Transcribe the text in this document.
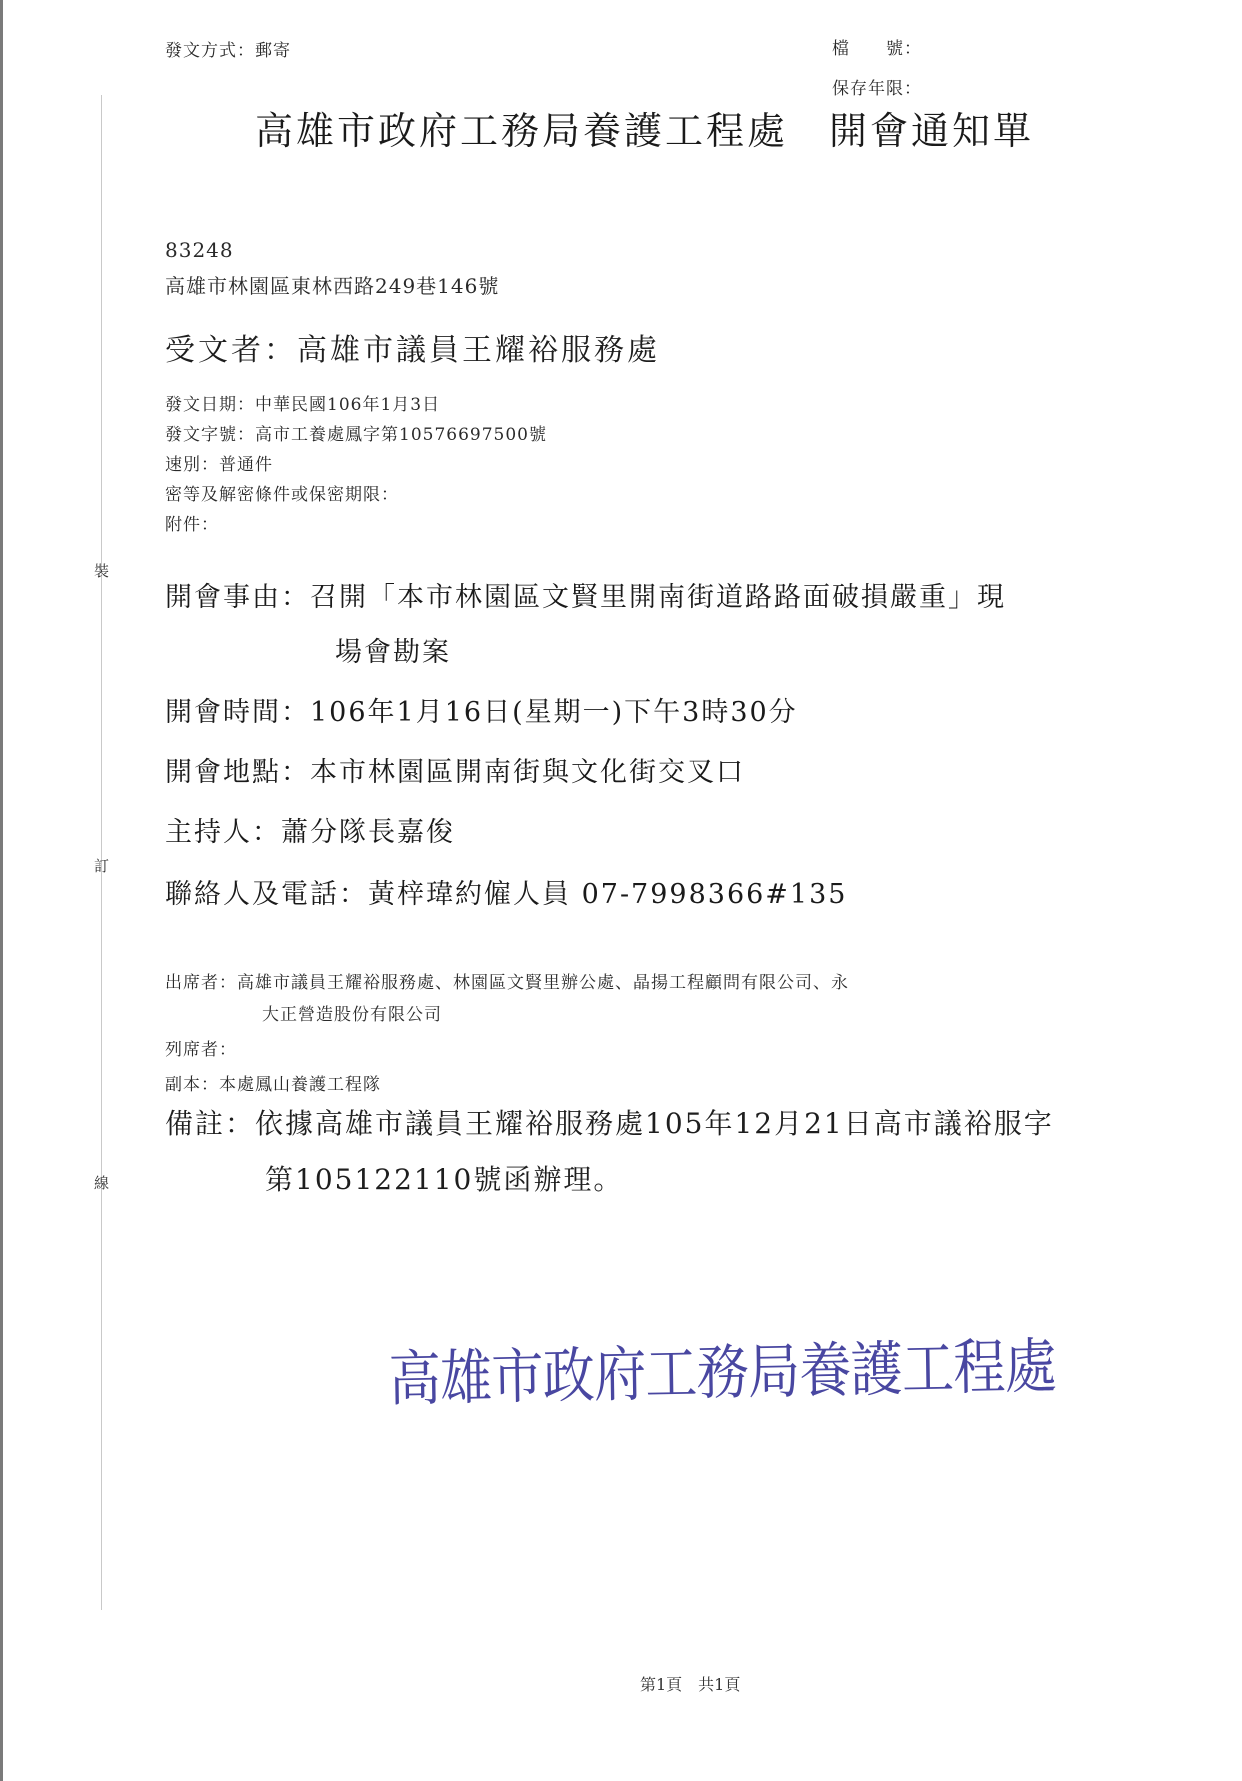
裝
訂
線
發文方式：郵寄	檔　　號：
保存年限：
高雄市政府工務局養護工程處　開會通知單
83248
高雄市林園區東林西路249巷146號
受文者：高雄市議員王耀裕服務處
發文日期：中華民國106年1月3日
發文字號：高市工養處鳳字第10576697500號
速別：普通件
密等及解密條件或保密期限：
附件：
開會事由：召開「本市林園區文賢里開南街道路路面破損嚴重」現
場會勘案
開會時間：106年1月16日(星期一)下午3時30分
開會地點：本市林園區開南街與文化街交叉口
主持人：蕭分隊長嘉俊
聯絡人及電話：黃梓瑋約僱人員 07-7998366#135
出席者：高雄市議員王耀裕服務處、林園區文賢里辦公處、晶揚工程顧問有限公司、永
大正營造股份有限公司
列席者：
副本：本處鳳山養護工程隊
備註：依據高雄市議員王耀裕服務處105年12月21日高市議裕服字
第105122110號函辦理。
高雄市政府工務局養護工程處
第1頁　共1頁
